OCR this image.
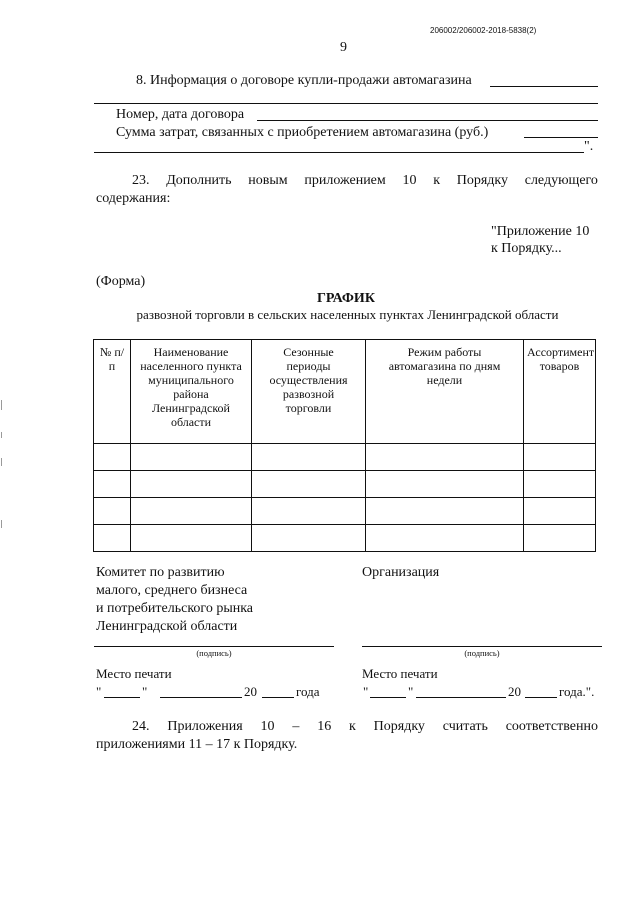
206002/206002-2018-5838(2)
9
8. Информация о договоре купли-продажи автомагазина
Номер, дата договора
Сумма затрат, связанных с приобретением автомагазина (руб.)
".
23. Дополнить новым приложением 10 к Порядку следующего
содержания:
"Приложение 10
к Порядку...
(Форма)
ГРАФИК
развозной торговли в сельских населенных пунктах Ленинградской области
№ п/п	Наименование населенного пункта муниципального района Ленинградской области	Сезонные периоды осуществления развозной торговли	Режим работы автомагазина по дням недели	Ассортимент товаров

Комитет по развитию
малого, среднего бизнеса
и потребительского рынка
Ленинградской области
Организация
(подпись)	(подпись)
Место печати	Место печати
"	"	20	года	"	"	20	года.".
24. Приложения 10 – 16 к Порядку считать соответственно
приложениями 11 – 17 к Порядку.
